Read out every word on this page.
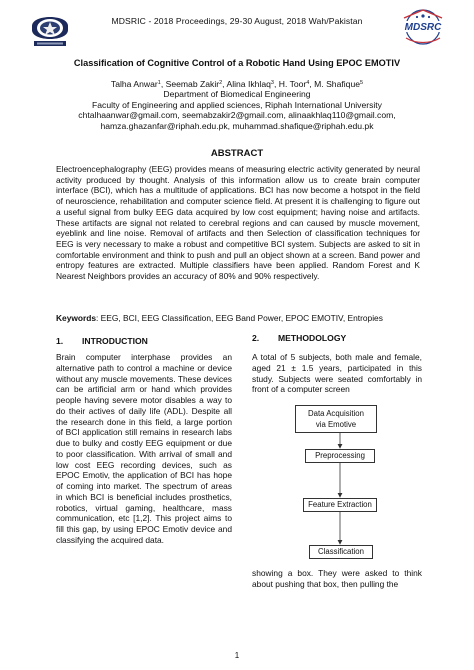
MDSRIC - 2018 Proceedings, 29-30 August, 2018 Wah/Pakistan
MDSRC
Classification of Cognitive Control of a Robotic Hand Using EPOC EMOTIV
Talha Anwar$^1$, Seemab Zakir$^2$, Alina Ikhlaq$^3$, H. Toor$^4$, M. Shafique$^5$
Department of Biomedical Engineering
Faculty of Engineering and applied sciences, Riphah International University
chtalhaanwar@gmail.com, seemabzakir2@gmail.com, alinaakhlaq110@gmail.com,
hamza.ghazanfar@riphah.edu.pk, muhammad.shafique@riphah.edu.pk
ABSTRACT
Electroencephalography (EEG) provides means of measuring electric activity generated by neural activity produced by thought. Analysis of this information allow us to create brain computer interface (BCI), which has a multitude of applications. BCI has now become a hotspot in the field of neuroscience, rehabilitation and computer science field. At present it is challenging to figure out a useful signal from bulky EEG data acquired by low cost equipment; having noise and artifacts. These artifacts are signal not related to cerebral regions and can caused by muscle movement, eyeblink and line noise. Removal of artifacts and then Selection of classification techniques for EEG is very necessary to make a robust and competitive BCI system. Subjects are asked to sit in comfortable environment and think to push and pull an object shown at a screen. Band power and entropy features are extracted. Multiple classifiers have been applied. Random Forest and K Nearest Neighbors provides an accuracy of 80% and 90% respectively.
Keywords: EEG, BCI, EEG Classification, EEG Band Power, EPOC EMOTIV, Entropies
1. INTRODUCTION
Brain computer interphase provides an alternative path to control a machine or device without any muscle movements. These devices can be artificial arm or hand which provides people having severe motor disables a way to do their actives of daily life (ADL). Despite all the research done in this field, a large portion of BCI application still remains in research labs due to bulky and costly EEG equipment or due to poor classification. With arrival of small and low cost EEG recording devices, such as EPOC Emotiv, the application of BCI has hope of coming into market. The spectrum of areas in which BCI is beneficial includes prosthetics, robotics, virtual gaming, healthcare, mass communication, etc [1,2]. This project aims to fill this gap, by using EPOC Emotiv device and classifying the acquired data.
2. METHODOLOGY
A total of 5 subjects, both male and female, aged 21 ± 1.5 years, participated in this study. Subjects were seated comfortably in front of a computer screen
Data Acquisition
via Emotive
Preprocessing
Feature Extraction
Classification
showing a box. They were asked to think about pushing that box, then pulling the
1
